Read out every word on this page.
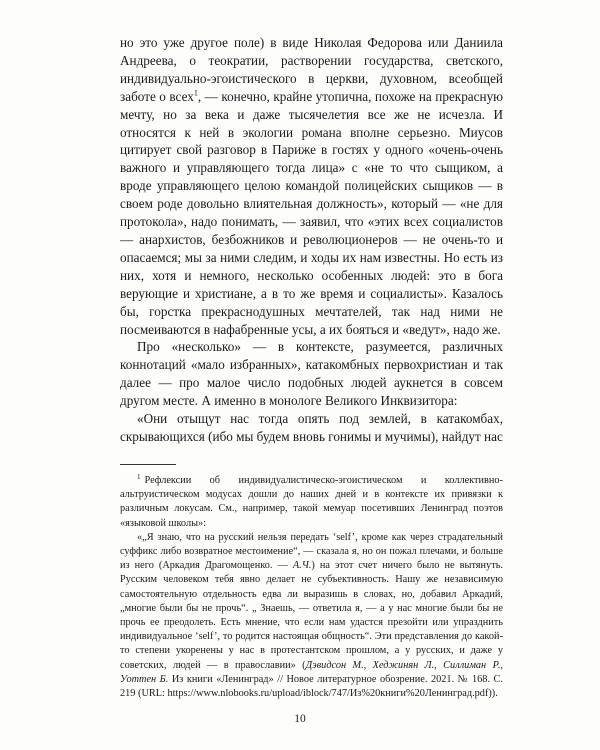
но это уже другое поле) в виде Николая Федорова или Даниила Андреева, о теократии, растворении государства, светского, индивидуально-эгоистического в церкви, духовном, всеобщей заботе о всех$^1$, — конечно, крайне утопична, похоже на прекрасную мечту, но за века и даже тысячелетия все же не исчезла. И относятся к ней в экологии романа вполне серьезно. Миусов цитирует свой разговор в Париже в гостях у одного «очень-очень важного и управляющего тогда лица» с «не то что сыщиком, а вроде управляющего целою командой полицейских сыщиков — в своем роде довольно влиятельная должность», который — «не для протокола», надо понимать, — заявил, что «этих всех социалистов — анархистов, безбожников и революционеров — не очень-то и опасаемся; мы за ними следим, и ходы их нам известны. Но есть из них, хотя и немного, несколько особенных людей: это в бога верующие и христиане, а в то же время и социалисты». Казалось бы, горстка прекраснодушных мечтателей, так над ними не посмеиваются в нафабренные усы, а их бояться и «ведут», надо же.

Про «несколько» — в контексте, разумеется, различных коннотаций «мало избранных», катакомбных первохристиан и так далее — про малое число подобных людей аукнется в совсем другом месте. А именно в монологе Великого Инквизитора:

«Они отыщут нас тогда опять под землей, в катакомбах, скрывающихся (ибо мы будем вновь гонимы и мучимы), найдут нас

$^1$ Рефлексии об индивидуалистическо-эгоистическом и коллективно-альтруистическом модусах дошли до наших дней и в контексте их привязки к различным локусам. См., например, такой мемуар посетивших Ленинград поэтов «языковой школы»:

«„Я знаю, что на русский нельзя передать ‘self’, кроме как через страдательный суффикс либо возвратное местоимение“, — сказала я, но он пожал плечами, и больше из него (Аркадия Драгомощенко. — А.Ч.) на этот счет ничего было не вытянуть. Русским человеком тебя явно делает не субъективность. Нашу же независимую самостоятельную отдельность едва ли выразишь в словах, но, добавил Аркадий, „многие были бы не прочь“. „ Знаешь, — ответила я, — а у нас многие были бы не прочь ее преодолеть. Есть мнение, что если нам удастся презойти или упразднить индивидуальное ‘self’, то родится настоящая общность“. Эти представления до какой-то степени укоренены у нас в протестантском прошлом, а у русских, и даже у советских, людей — в православии» (Дэвидсон М., Хеджинян Л., Силлиман Р., Уоттен Б. Из книги «Ленинград» // Новое литературное обозрение. 2021. № 168. С. 219 (URL: https://www.nlobooks.ru/upload/iblock/747/Из%20книги%20Ленинград.pdf)).

10
